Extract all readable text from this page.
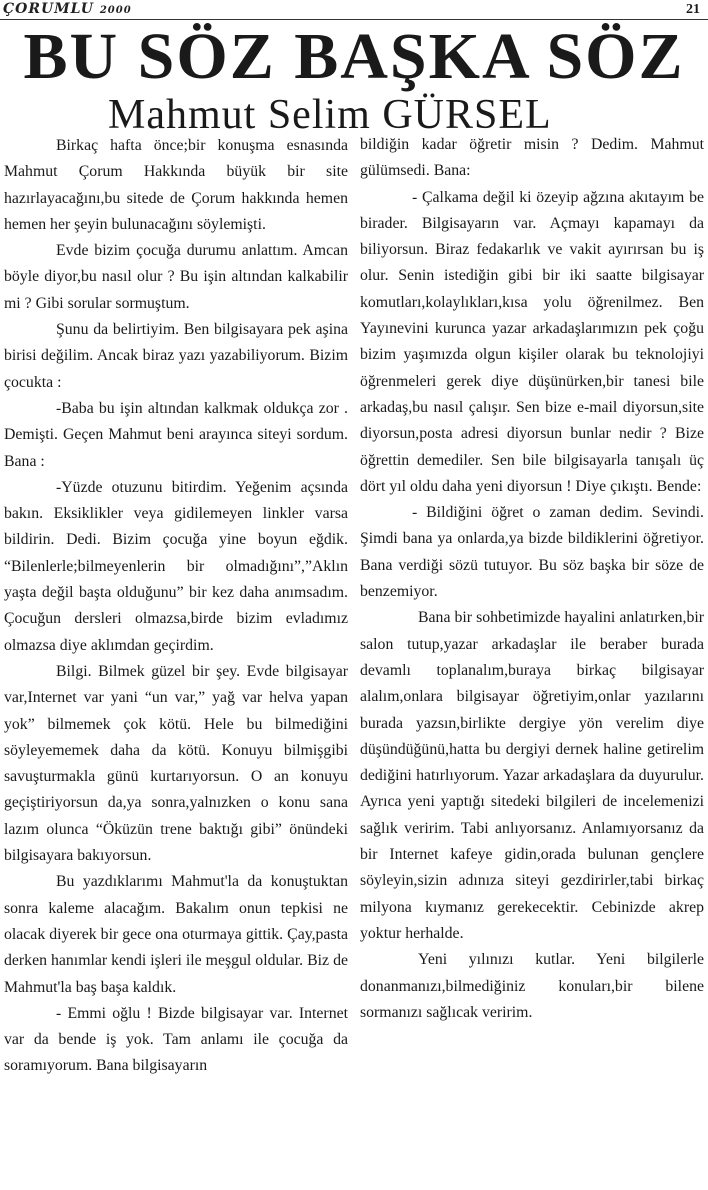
ÇORUMLU 2000	21
BU SÖZ BAŞKA SÖZ
Mahmut Selim GÜRSEL

Birkaç hafta önce;bir konuşma esnasında Mahmut Çorum Hakkında büyük bir site hazırlayacağını,bu sitede de Çorum hakkında hemen hemen her şeyin bulunacağını söylemişti.

Evde bizim çocuğa durumu anlattım. Amcan böyle diyor,bu nasıl olur ? Bu işin altından kalkabilir mi ? Gibi sorular sormuştum.

Şunu da belirtiyim. Ben bilgisayara pek aşina birisi değilim. Ancak biraz yazı yazabiliyorum. Bizim çocukta :

-Baba bu işin altından kalkmak oldukça zor . Demişti. Geçen Mahmut beni arayınca siteyi sordum. Bana :

-Yüzde otuzunu bitirdim. Yeğenim açsında bakın. Eksiklikler veya gidilemeyen linkler varsa bildirin. Dedi. Bizim çocuğa yine boyun eğdik. “Bilenlerle;bilmeyenlerin bir olmadığını”,”Aklın yaşta değil başta olduğunu” bir kez daha anımsadım. Çocuğun dersleri olmazsa,birde bizim evladımız olmazsa diye aklımdan geçirdim.

Bilgi. Bilmek güzel bir şey. Evde bilgisayar var,Internet var yani “un var,” yağ var helva yapan yok” bilmemek çok kötü. Hele bu bilmediğini söyleyememek daha da kötü. Konuyu bilmişgibi savuşturmakla günü kurtarıyorsun. O an konuyu geçiştiriyorsun da,ya sonra,yalnızken o konu sana lazım olunca “Öküzün trene baktığı gibi” önündeki bilgisayara bakıyorsun.

Bu yazdıklarımı Mahmut'la da konuştuktan sonra kaleme alacağım. Bakalım onun tepkisi ne olacak diyerek bir gece ona oturmaya gittik. Çay,pasta derken hanımlar kendi işleri ile meşgul oldular. Biz de Mahmut'la baş başa kaldık.

- Emmi oğlu ! Bizde bilgisayar var. Internet var da bende iş yok. Tam anlamı ile çocuğa da soramıyorum. Bana bilgisayarın

bildiğin kadar öğretir misin ? Dedim. Mahmut gülümsedi. Bana:

- Çalkama değil ki özeyip ağzına akıtayım be birader. Bilgisayarın var. Açmayı kapamayı da biliyorsun. Biraz fedakarlık ve vakit ayırırsan bu iş olur. Senin istediğin gibi bir iki saatte bilgisayar komutları,kolaylıkları,kısa yolu öğrenilmez. Ben Yayınevini kurunca yazar arkadaşlarımızın pek çoğu bizim yaşımızda olgun kişiler olarak bu teknolojiyi öğrenmeleri gerek diye düşünürken,bir tanesi bile arkadaş,bu nasıl çalışır. Sen bize e-mail diyorsun,site diyorsun,posta adresi diyorsun bunlar nedir ? Bize öğrettin demediler. Sen bile bilgisayarla tanışalı üç dört yıl oldu daha yeni diyorsun ! Diye çıkıştı. Bende:

- Bildiğini öğret o zaman dedim. Sevindi. Şimdi bana ya onlarda,ya bizde bildiklerini öğretiyor. Bana verdiği sözü tutuyor. Bu söz başka bir söze de benzemiyor.

Bana bir sohbetimizde hayalini anlatırken,bir salon tutup,yazar arkadaşlar ile beraber burada devamlı toplanalım,buraya birkaç bilgisayar alalım,onlara bilgisayar öğretiyim,onlar yazılarını burada yazsın,birlikte dergiye yön verelim diye düşündüğünü,hatta bu dergiyi dernek haline getirelim dediğini hatırlıyorum. Yazar arkadaşlara da duyurulur. Ayrıca yeni yaptığı sitedeki bilgileri de incelemenizi sağlık veririm. Tabi anlıyorsanız. Anlamıyorsanız da bir Internet kafeye gidin,orada bulunan gençlere söyleyin,sizin adınıza siteyi gezdirirler,tabi birkaç milyona kıymanız gerekecektir. Cebinizde akrep yoktur herhalde.

Yeni yılınızı kutlar. Yeni bilgilerle donanmanızı,bilmediğiniz konuları,bir bilene sormanızı sağlıcak veririm.
